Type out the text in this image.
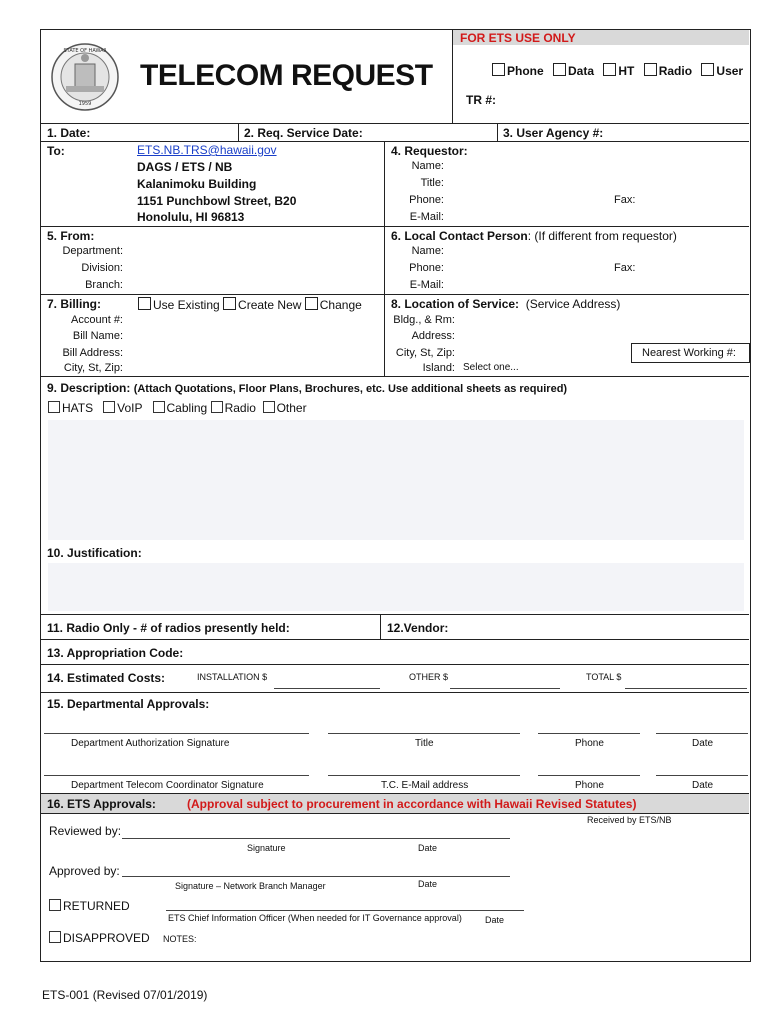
FOR ETS USE ONLY
STATE OF HAWAII
1959
TELECOM REQUEST	Phone Data HT Radio User
TR #:
1. Date:	2. Req. Service Date:	3. User Agency #:
To:	ETS.NB.TRS@hawaii.gov
DAGS / ETS / NB
Kalanimoku Building
1151 Punchbowl Street, B20
Honolulu, HI 96813
4. Requestor:
Name:
Title:
Phone:	Fax:
E-Mail:
5. From:
Department:
Division:
Branch:
6. Local Contact Person: (If different from requestor)
Name:
Phone:	Fax:
E-Mail:
7. Billing:	Use Existing Create New Change
Account #:
Bill Name:
Bill Address:
City, St, Zip:
8. Location of Service: (Service Address)
Bldg., & Rm:
Address:
City, St, Zip:
Island: Select one...
Nearest Working #:
9. Description: (Attach Quotations, Floor Plans, Brochures, etc. Use additional sheets as required)
HATS VoIP Cabling Radio Other
10. Justification:
11. Radio Only - # of radios presently held:	12.Vendor:
13. Appropriation Code:
14. Estimated Costs:	INSTALLATION $	OTHER $	TOTAL $
15. Departmental Approvals:
Department Authorization Signature	Title	Phone	Date
Department Telecom Coordinator Signature	T.C. E-Mail address	Phone	Date
16. ETS Approvals:	(Approval subject to procurement in accordance with Hawaii Revised Statutes)
Received by ETS/NB
Reviewed by:
Signature	Date
Approved by:
Signature – Network Branch Manager	Date
RETURNED
ETS Chief Information Officer (When needed for IT Governance approval)	Date
DISAPPROVED NOTES:
ETS-001 (Revised 07/01/2019)
